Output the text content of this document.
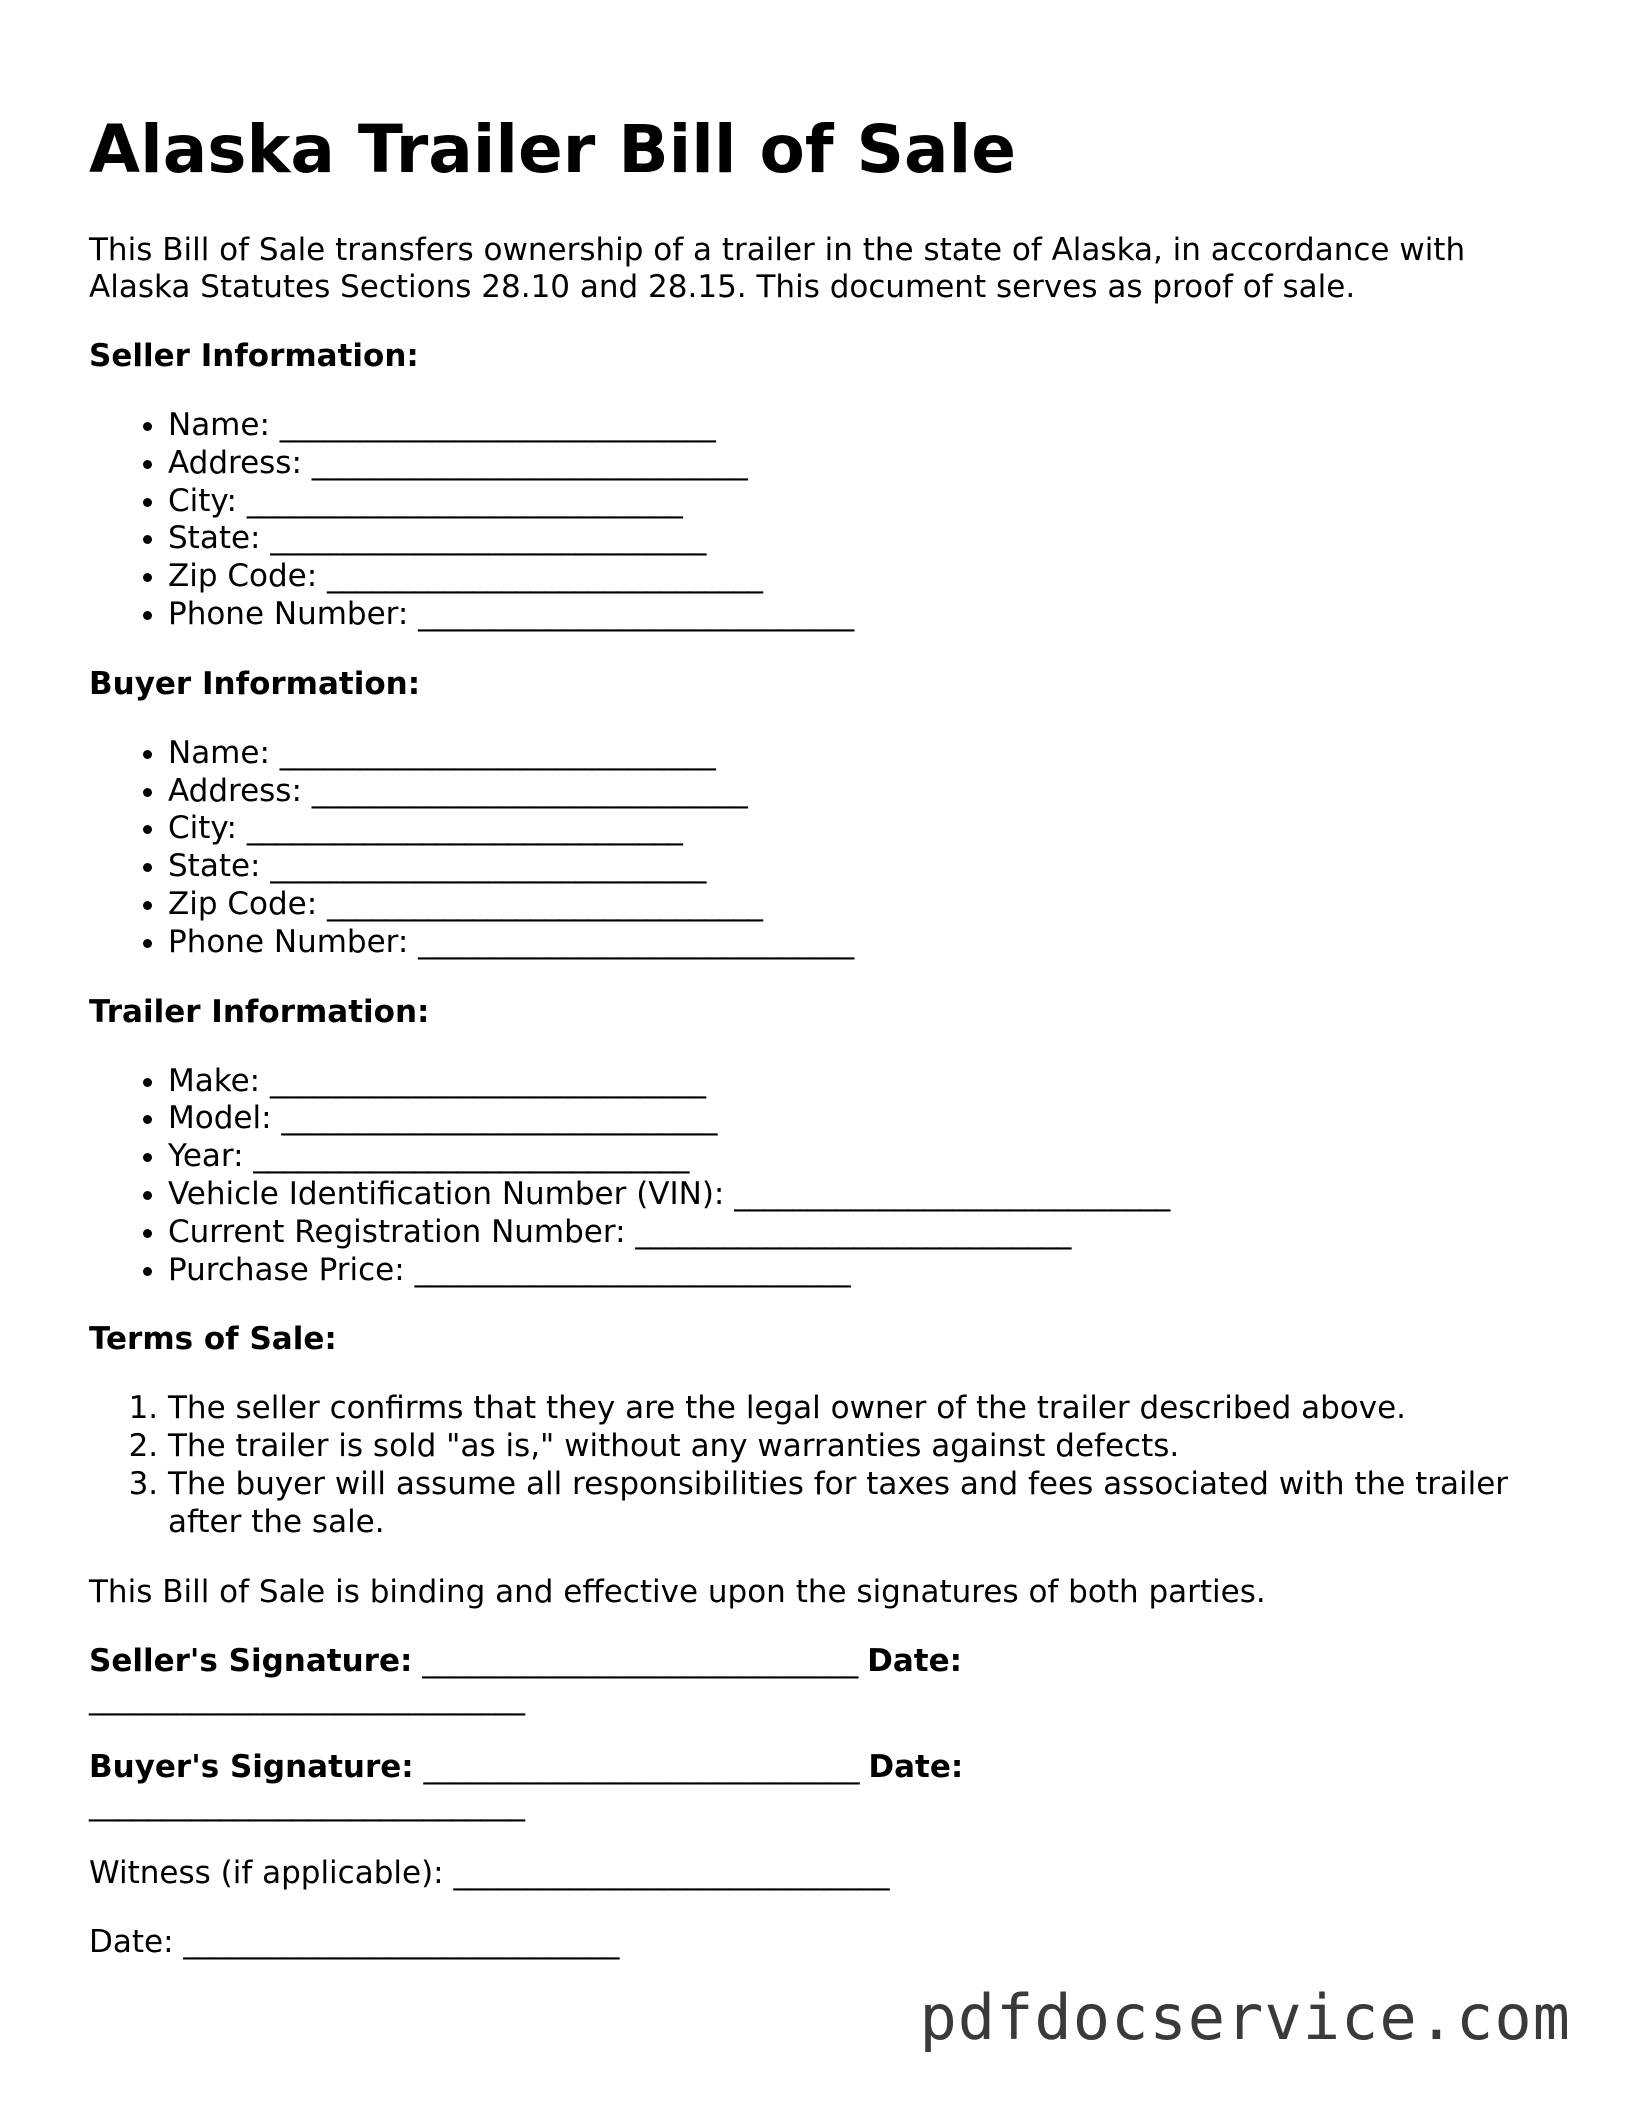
Alaska Trailer Bill of Sale

This Bill of Sale transfers ownership of a trailer in the state of Alaska, in accordance with Alaska Statutes Sections 28.10 and 28.15. This document serves as proof of sale.

Seller Information:
• Name: ______________________________
• Address: ______________________________
• City: ______________________________
• State: ______________________________
• Zip Code: ______________________________
• Phone Number: ______________________________
Buyer Information:
• Name: ______________________________
• Address: ______________________________
• City: ______________________________
• State: ______________________________
• Zip Code: ______________________________
• Phone Number: ______________________________
Trailer Information:
• Make: ______________________________
• Model: ______________________________
• Year: ______________________________
• Vehicle Identification Number (VIN): ______________________________
• Current Registration Number: ______________________________
• Purchase Price: ______________________________
Terms of Sale:
1. The seller confirms that they are the legal owner of the trailer described above.
2. The trailer is sold "as is," without any warranties against defects.
3. The buyer will assume all responsibilities for taxes and fees associated with the trailer after the sale.

This Bill of Sale is binding and effective upon the signatures of both parties.

Seller's Signature: ______________________________ Date: ______________________________

Buyer's Signature: ______________________________ Date: ______________________________

Witness (if applicable): ______________________________

Date: ______________________________

pdfdocservice.com
